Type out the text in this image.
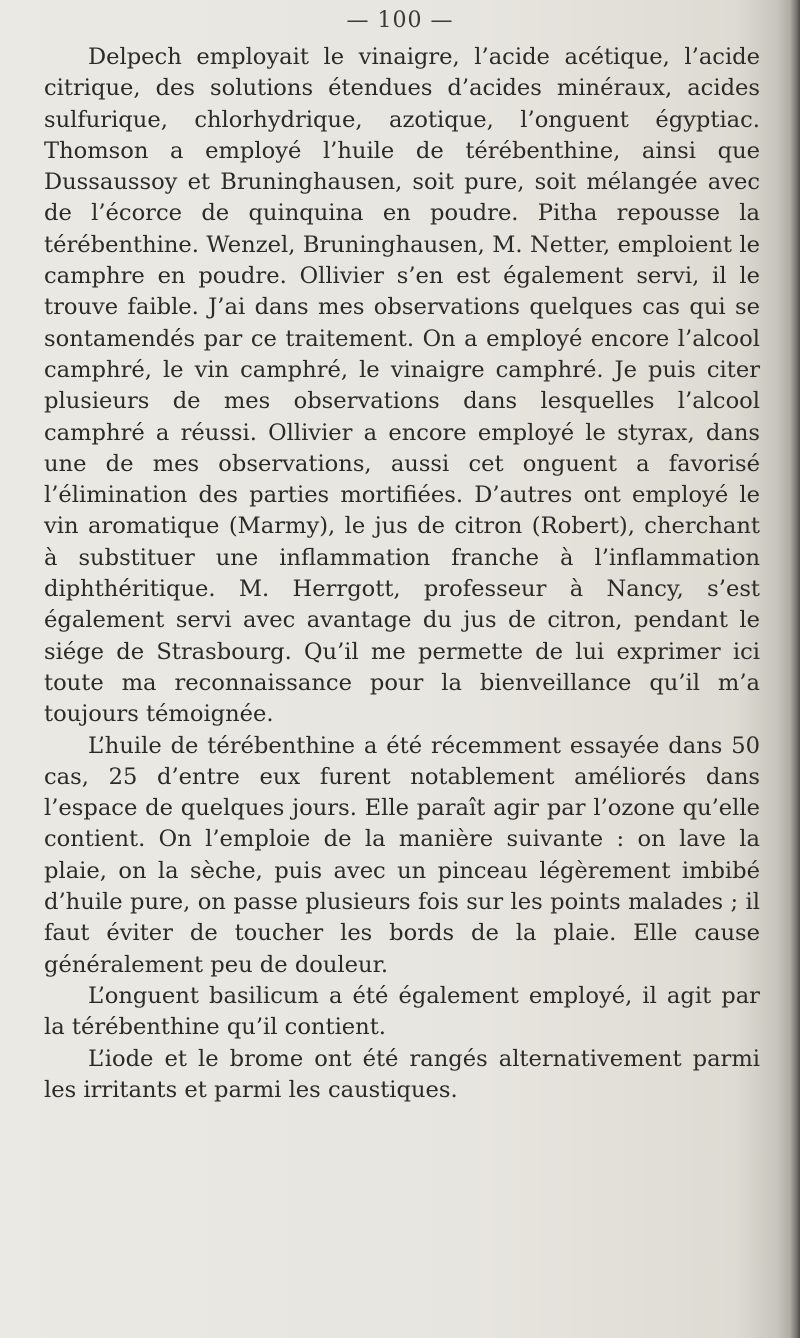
— 100 —

Delpech employait le vinaigre, l’acide acétique, l’acide citrique, des solutions étendues d’acides minéraux, acides sulfurique, chlorhydrique, azotique, l’onguent égyptiac. Thomson a employé l’huile de térébenthine, ainsi que Dussaussoy et Bruninghausen, soit pure, soit mélangée avec de l’écorce de quinquina en poudre. Pitha repousse la térébenthine. Wenzel, Bruninghausen, M. Netter, emploient le camphre en poudre. Ollivier s’en est également servi, il le trouve faible. J’ai dans mes observations quelques cas qui se sontamendés par ce traitement. On a employé encore l’alcool camphré, le vin camphré, le vinaigre camphré. Je puis citer plusieurs de mes observations dans lesquelles l’alcool camphré a réussi. Ollivier a encore employé le styrax, dans une de mes observations, aussi cet onguent a favorisé l’élimination des parties mortifiées. D’autres ont employé le vin aromatique (Marmy), le jus de citron (Robert), cherchant à substituer une inflammation franche à l’inflammation diphthéritique. M. Herrgott, professeur à Nancy, s’est également servi avec avantage du jus de citron, pendant le siége de Strasbourg. Qu’il me permette de lui exprimer ici toute ma reconnaissance pour la bienveillance qu’il m’a toujours témoignée.

L’huile de térébenthine a été récemment essayée dans 50 cas, 25 d’entre eux furent notablement améliorés dans l’espace de quelques jours. Elle paraît agir par l’ozone qu’elle contient. On l’emploie de la manière suivante : on lave la plaie, on la sèche, puis avec un pinceau légèrement imbibé d’huile pure, on passe plusieurs fois sur les points malades ; il faut éviter de toucher les bords de la plaie. Elle cause généralement peu de douleur.

L’onguent basilicum a été également employé, il agit par la térébenthine qu’il contient.

L’iode et le brome ont été rangés alternativement parmi les irritants et parmi les caustiques.
